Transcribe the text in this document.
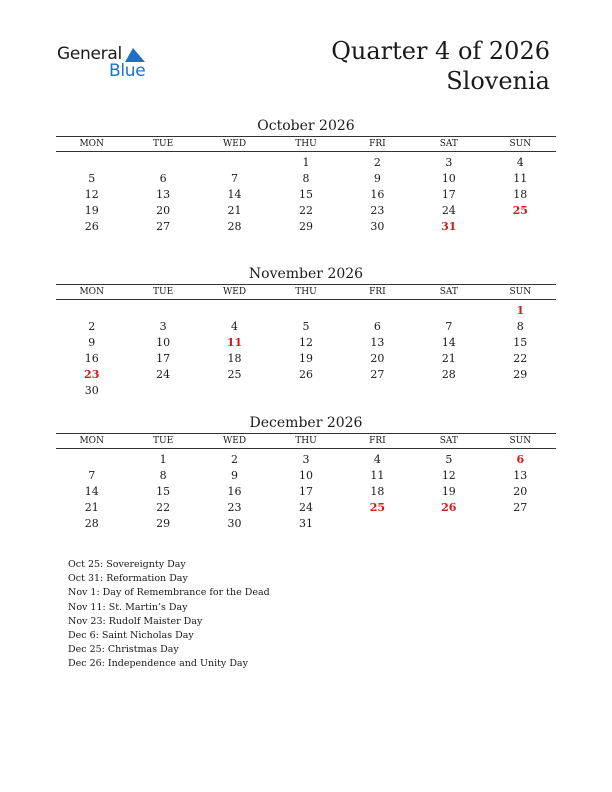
General
Blue
Quarter 4 of 2026
Slovenia
October 2026
MON	TUE	WED	THU	FRI	SAT	SUN
			1	2	3	4
5	6	7	8	9	10	11
12	13	14	15	16	17	18
19	20	21	22	23	24	25
26	27	28	29	30	31	
November 2026
MON	TUE	WED	THU	FRI	SAT	SUN
						1
2	3	4	5	6	7	8
9	10	11	12	13	14	15
16	17	18	19	20	21	22
23	24	25	26	27	28	29
30						
December 2026
MON	TUE	WED	THU	FRI	SAT	SUN
	1	2	3	4	5	6
7	8	9	10	11	12	13
14	15	16	17	18	19	20
21	22	23	24	25	26	27
28	29	30	31			
Oct 25: Sovereignty Day
Oct 31: Reformation Day
Nov 1: Day of Remembrance for the Dead
Nov 11: St. Martin’s Day
Nov 23: Rudolf Maister Day
Dec 6: Saint Nicholas Day
Dec 25: Christmas Day
Dec 26: Independence and Unity Day
